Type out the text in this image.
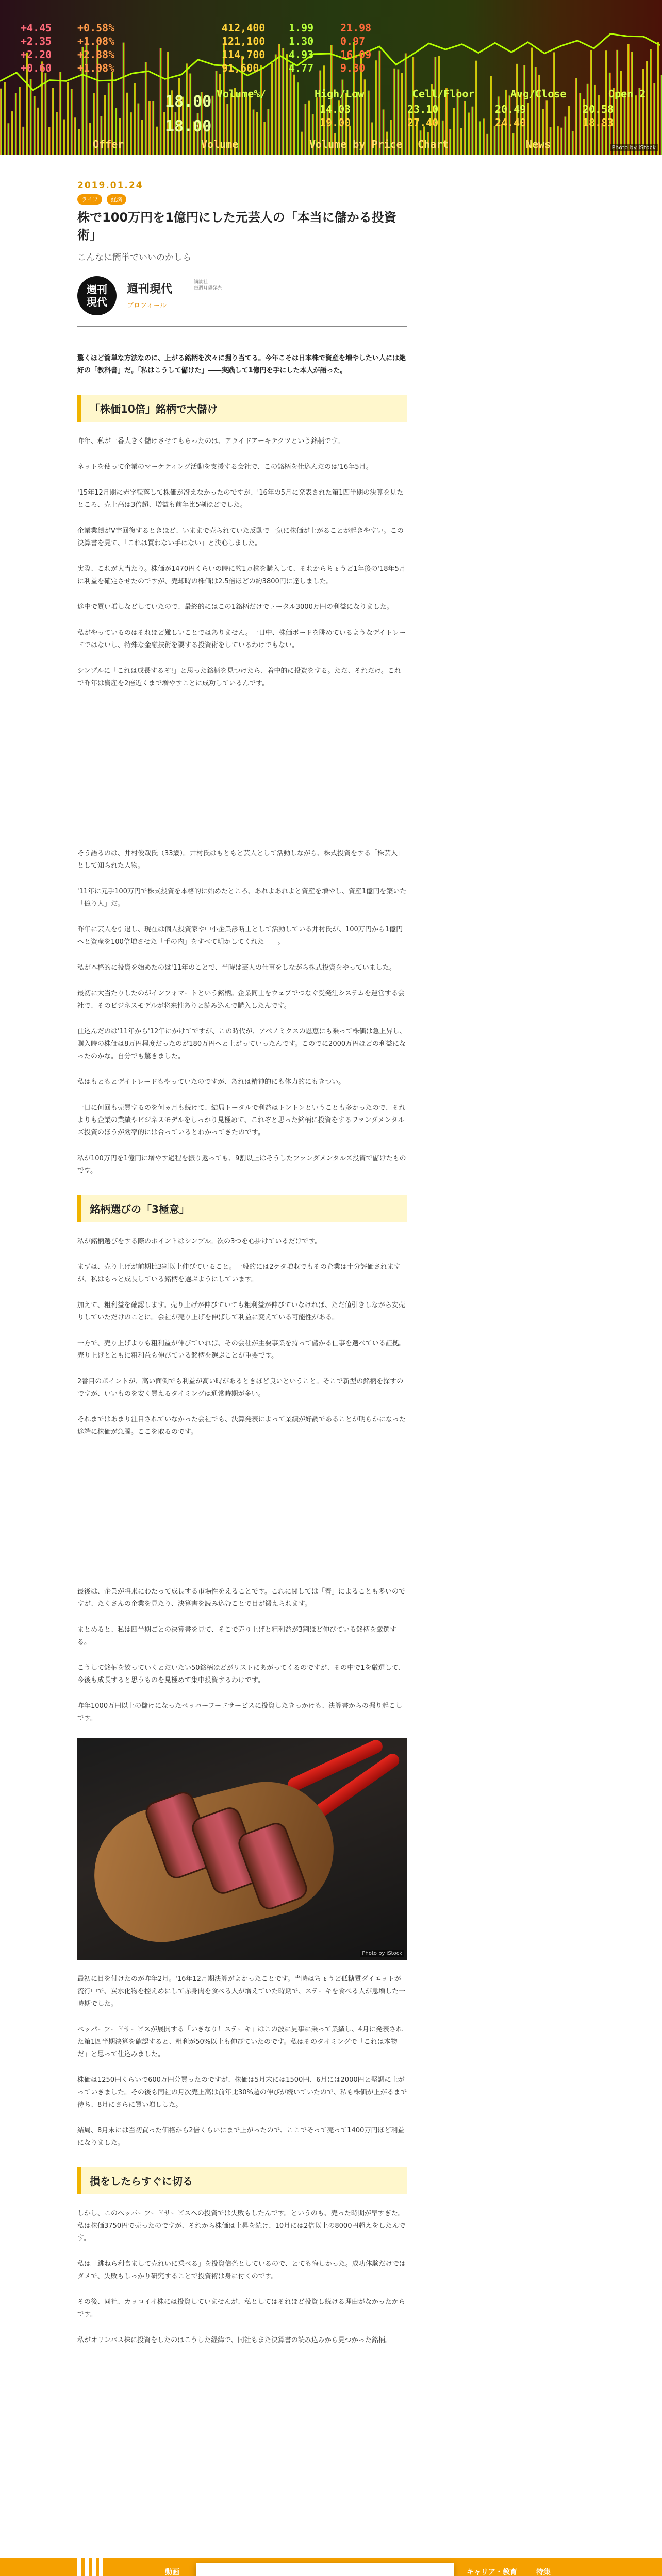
+4.45 +0.58%	412,400 1.99	21.98
+2.35 +1.08%	121,100 1.30	0.97
+2.20 +2.88%	114,700 4.93	16.09
+0.60 +1.08%	91,600	4.77	9.30
Volume%/	High/Low	Cell/Floor	Avg/Close	Open 2
14.03	23.10	20.49	20.58
19.00	27.40	24.40	18.83
Offer	Volume	Volume by Price Chart	News
18.00
18.00
Photo by iStock
2019.01.24
ライフ 経済
株で100万円を1億円にした元芸人の「本当に儲かる投資術」
こんなに簡単でいいのかしら
週刊
現代
週刊現代
講談社
毎週月曜発売
プロフィール
驚くほど簡単な方法なのに、上がる銘柄を次々に掘り当てる。今年こそは日本株で資産を増やしたい人には絶好の「教科書」だ。「私はこうして儲けた」――実践して1億円を手にした本人が語った。
「株価10倍」銘柄で大儲け
昨年、私が一番大きく儲けさせてもらったのは、アライドアーキテクツという銘柄です。
ネットを使って企業のマーケティング活動を支援する会社で、この銘柄を仕込んだのは'16年5月。
'15年12月期に赤字転落して株価が冴えなかったのですが、'16年の5月に発表された第1四半期の決算を見たところ、売上高は3倍超、増益も前年比5割ほどでした。
企業業績がV字回復するときほど、いままで売られていた反動で一気に株価が上がることが起きやすい。この決算書を見て、「これは買わない手はない」と決心しました。
実際、これが大当たり。株価が1470円くらいの時に約1万株を購入して、それからちょうど1年後の'18年5月に利益を確定させたのですが、売却時の株価は2.5倍ほどの約3800円に達しました。
途中で買い増しなどしていたので、最終的にはこの1銘柄だけでトータル3000万円の利益になりました。
私がやっているのはそれほど難しいことではありません。一日中、株価ボードを眺めているようなデイトレードではないし、特殊な金融技術を要する投資術をしているわけでもない。
シンプルに「これは成長するぞ!」と思った銘柄を見つけたら、着中的に投資をする。ただ、それだけ。これで昨年は資産を2倍近くまで増やすことに成功しているんです。
そう語るのは、井村俊哉氏（33歳）。井村氏はもともと芸人として活動しながら、株式投資をする「株芸人」として知られた人物。
'11年に元手100万円で株式投資を本格的に始めたところ、あれよあれよと資産を増やし、資産1億円を築いた「億り人」だ。
昨年に芸人を引退し、現在は個人投資家や中小企業診断士として活動している井村氏が、100万円から1億円へと資産を100倍増させた「手の内」をすべて明かしてくれた――。
私が本格的に投資を始めたのは'11年のことで、当時は芸人の仕事をしながら株式投資をやっていました。
最初に大当たりしたのがインフォマートという銘柄。企業同士をウェブでつなぐ受発注システムを運営する会社で、そのビジネスモデルが将来性ありと読み込んで購入したんです。
仕込んだのは'11年から'12年にかけてですが、この時代が、アベノミクスの恩恵にも乗って株価は急上昇し、購入時の株価は8万円程度だったのが180万円へと上がっていったんです。このでに2000万円ほどの利益になったのかな。自分でも驚きました。
私はもともとデイトレードもやっていたのですが、あれは精神的にも体力的にもきつい。
一日に何回も売買するのを何ヵ月も続けて、結局トータルで利益はトントンということも多かったので、それよりも企業の業績やビジネスモデルをしっかり見極めて、これぞと思った銘柄に投資をするファンダメンタルズ投資のほうが効率的には合っているとわかってきたのです。
私が100万円を1億円に増やす過程を振り返っても、9割以上はそうしたファンダメンタルズ投資で儲けたものです。
銘柄選びの「3極意」
私が銘柄選びをする際のポイントはシンプル。次の3つを心掛けているだけです。
まずは、売り上げが前期比3割以上伸びていること。一般的には2ケタ増収でもその企業は十分評価されますが、私はもっと成長している銘柄を選ぶようにしています。
加えて、粗利益を確認します。売り上げが伸びていても粗利益が伸びていなければ、ただ値引きしながら安売りしていただけのことに。会社が売り上げを伸ばして利益に変えている可能性がある。
一方で、売り上げよりも粗利益が伸びていれば、その会社が主要事業を持って儲かる仕事を選べている証拠。売り上げとともに粗利益も伸びている銘柄を選ぶことが重要です。
2番目のポイントが、高い面倒でも利益が高い時があるときほど良いということ。そこで新型の銘柄を探すのですが、いいものを安く買えるタイミングは通常時期が多い。
それまではあまり注目されていなかった会社でも、決算発表によって業績が好調であることが明らかになった途端に株価が急騰。ここを取るのです。
最後は、企業が将来にわたって成長する市場性をえることです。これに関しては「着」によることも多いのですが、たくさんの企業を見たり、決算書を読み込むことで目が鍛えられます。
まとめると、私は四半期ごとの決算書を見て、そこで売り上げと粗利益が3割ほど伸びている銘柄を厳選する。
こうして銘柄を絞っていくとだいたい50銘柄ほどがリストにあがってくるのですが、その中で1を厳選して、今後も成長すると思うものを見極めて集中投資するわけです。
昨年1000万円以上の儲けになったペッパーフードサービスに投資したきっかけも、決算書からの掘り起こしです。
Photo by iStock
最初に目を付けたのが昨年2月。'16年12月期決算がよかったことです。当時はちょうど低糖質ダイエットが流行中で、炭水化物を控えめにして赤身肉を食べる人が増えていた時期で、ステーキを食べる人が急増した一時期でした。
ペッパーフードサービスが展開する「いきなり！ステーキ」はこの波に見事に乗って業績し、4月に発表された第1四半期決算を確認すると、粗利が50%以上も伸びていたのです。私はそのタイミングで「これは本物だ」と思って仕込みました。
株価は1250円くらいで600万円分買ったのですが、株価は5月末には1500円、6月には2000円と堅調に上がっていきました。その後も同社の月次売上高は前年比30%超の伸びが続いていたので、私も株価が上がるまで待ち、8月にさらに買い増しした。
結局、8月末には当初買った価格から2倍くらいにまで上がったので、ここでそって売って1400万円ほど利益になりました。
損をしたらすぐに切る
しかし、このペッパーフードサービスへの投資では失敗もしたんです。というのも、売った時期が早すぎた。私は株価3750円で売ったのですが、それから株価は上昇を続け、10月には2倍以上の8000円超えをしたんです。
私は「跳ねら利食まして売れいに乗べる」を投資信条としているので、とても悔しかった。成功体験だけではダメで、失敗もしっかり研究することで投資術は身に付くのです。
その後、同社、カッコイイ株には投資していませんが、私としてはそれほど投資し続ける理由がなかったからです。
私がオリンパス株に投資をしたのはこうした経緯で、同社もまた決算書の読み込みから見つかった銘柄。
動画	キャリア・教育	特集
